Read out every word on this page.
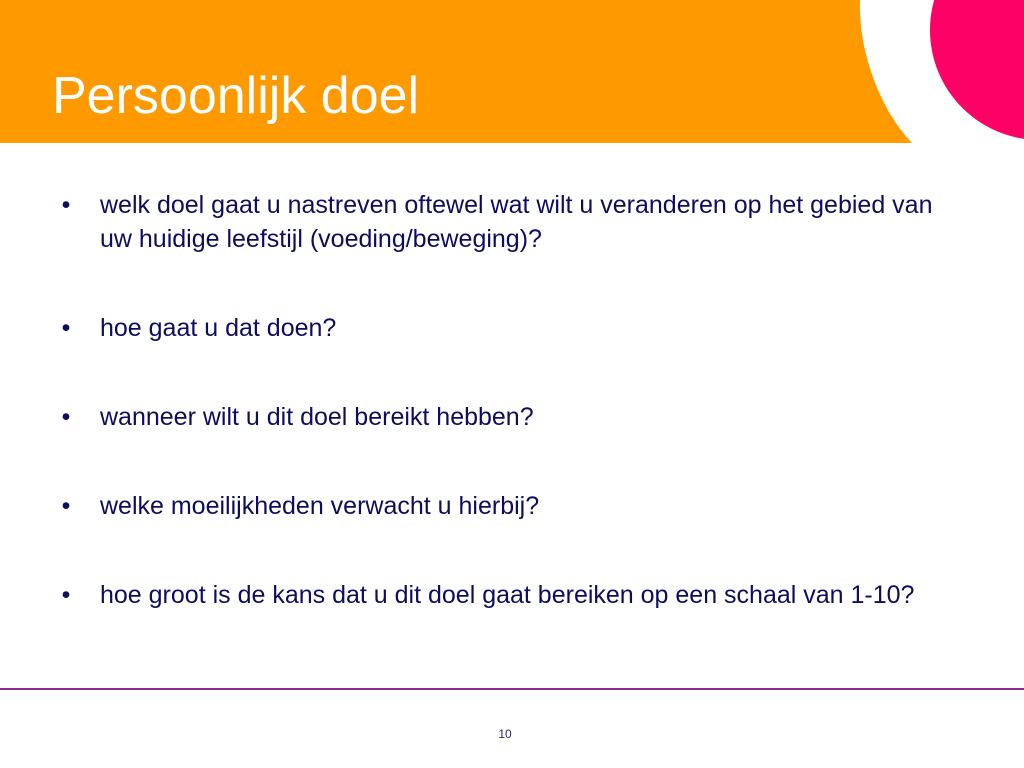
Persoonlijk doel
• welk doel gaat u nastreven oftewel wat wilt u veranderen op het gebied van uw huidige leefstijl (voeding/beweging)?
• hoe gaat u dat doen?
• wanneer wilt u dit doel bereikt hebben?
• welke moeilijkheden verwacht u hierbij?
• hoe groot is de kans dat u dit doel gaat bereiken op een schaal van 1-10?
10
